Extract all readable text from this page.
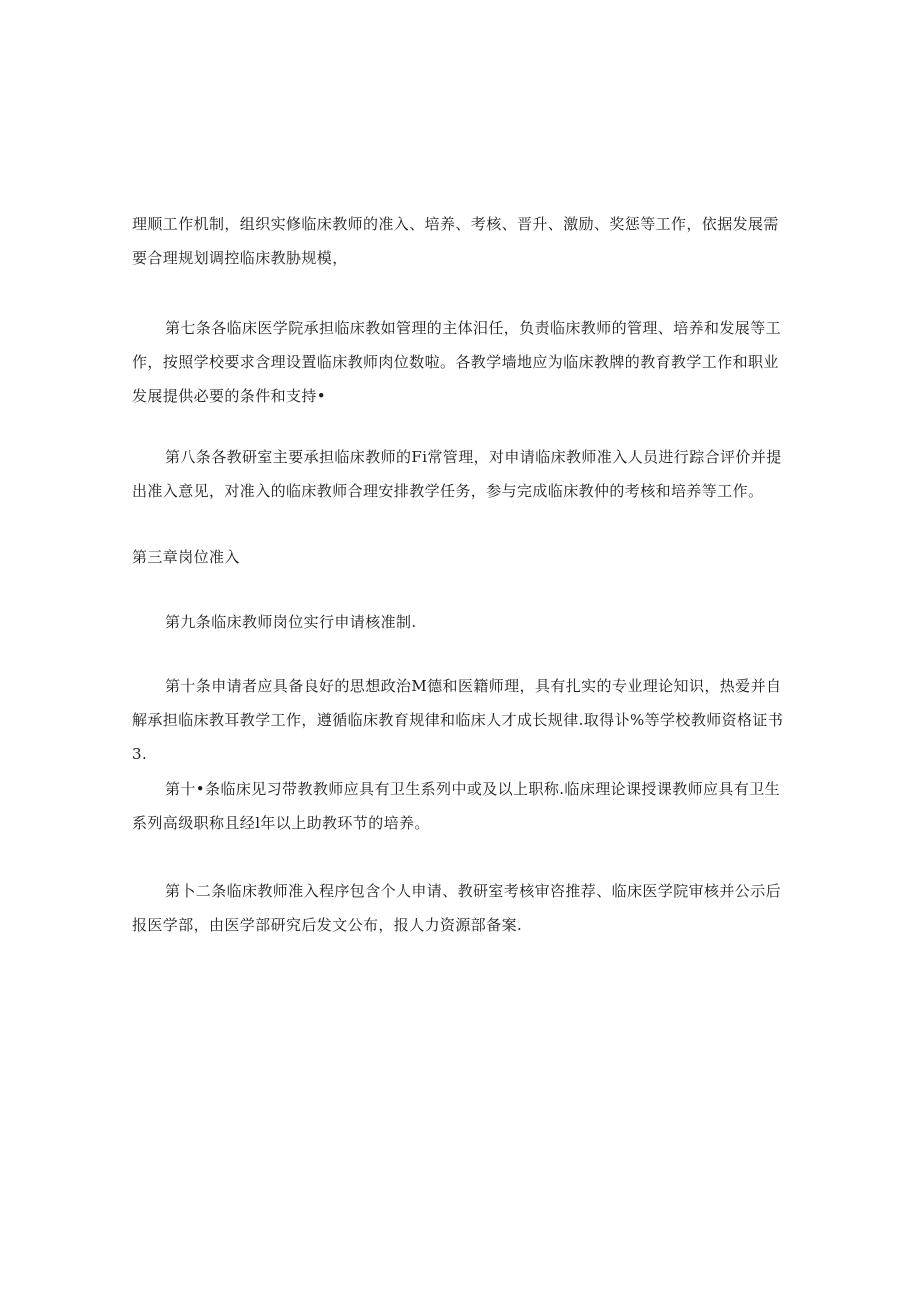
理顺工作机制，组织实修临床教师的准入、培养、考核、晋升、激励、奖惩等工作，依据发展需要合理规划调控临床教胁规模，

第七条各临床医学院承担临床教如管理的主体汨任，负责临床教师的管理、培养和发展等工作，按照学校要求含理设置临床教师肉位数啦。各教学墙地应为临床教牌的教育教学工作和职业发展提供必要的条件和支持•

第八条各教研室主要承担临床教师的Fi常管理，对申请临床教师准入人员进行踪合评价并提出准入意见，对准入的临床教师合理安排教学任务，参与完成临床教仲的考核和培养等工作。

第三章岗位准入

第九条临床教师岗位实行申请核准制.

第十条申请者应具备良好的思想政治M德和医籍师理，具有扎实的专业理论知识，热爱并自解承担临床教耳教学工作，遵循临床教育规律和临床人才成长规律.取得讣%等学校教师资格证书3.

第十•条临床见习带教教师应具有卫生系列中或及以上职称.临床理论课授课教师应具有卫生系列高级职称且经l年以上助教环节的培养。

第卜二条临床教师准入程序包含个人申请、教研室考核审咨推荐、临床医学院审核并公示后报医学部，由医学部研究后发文公布，报人力资源部备案.
